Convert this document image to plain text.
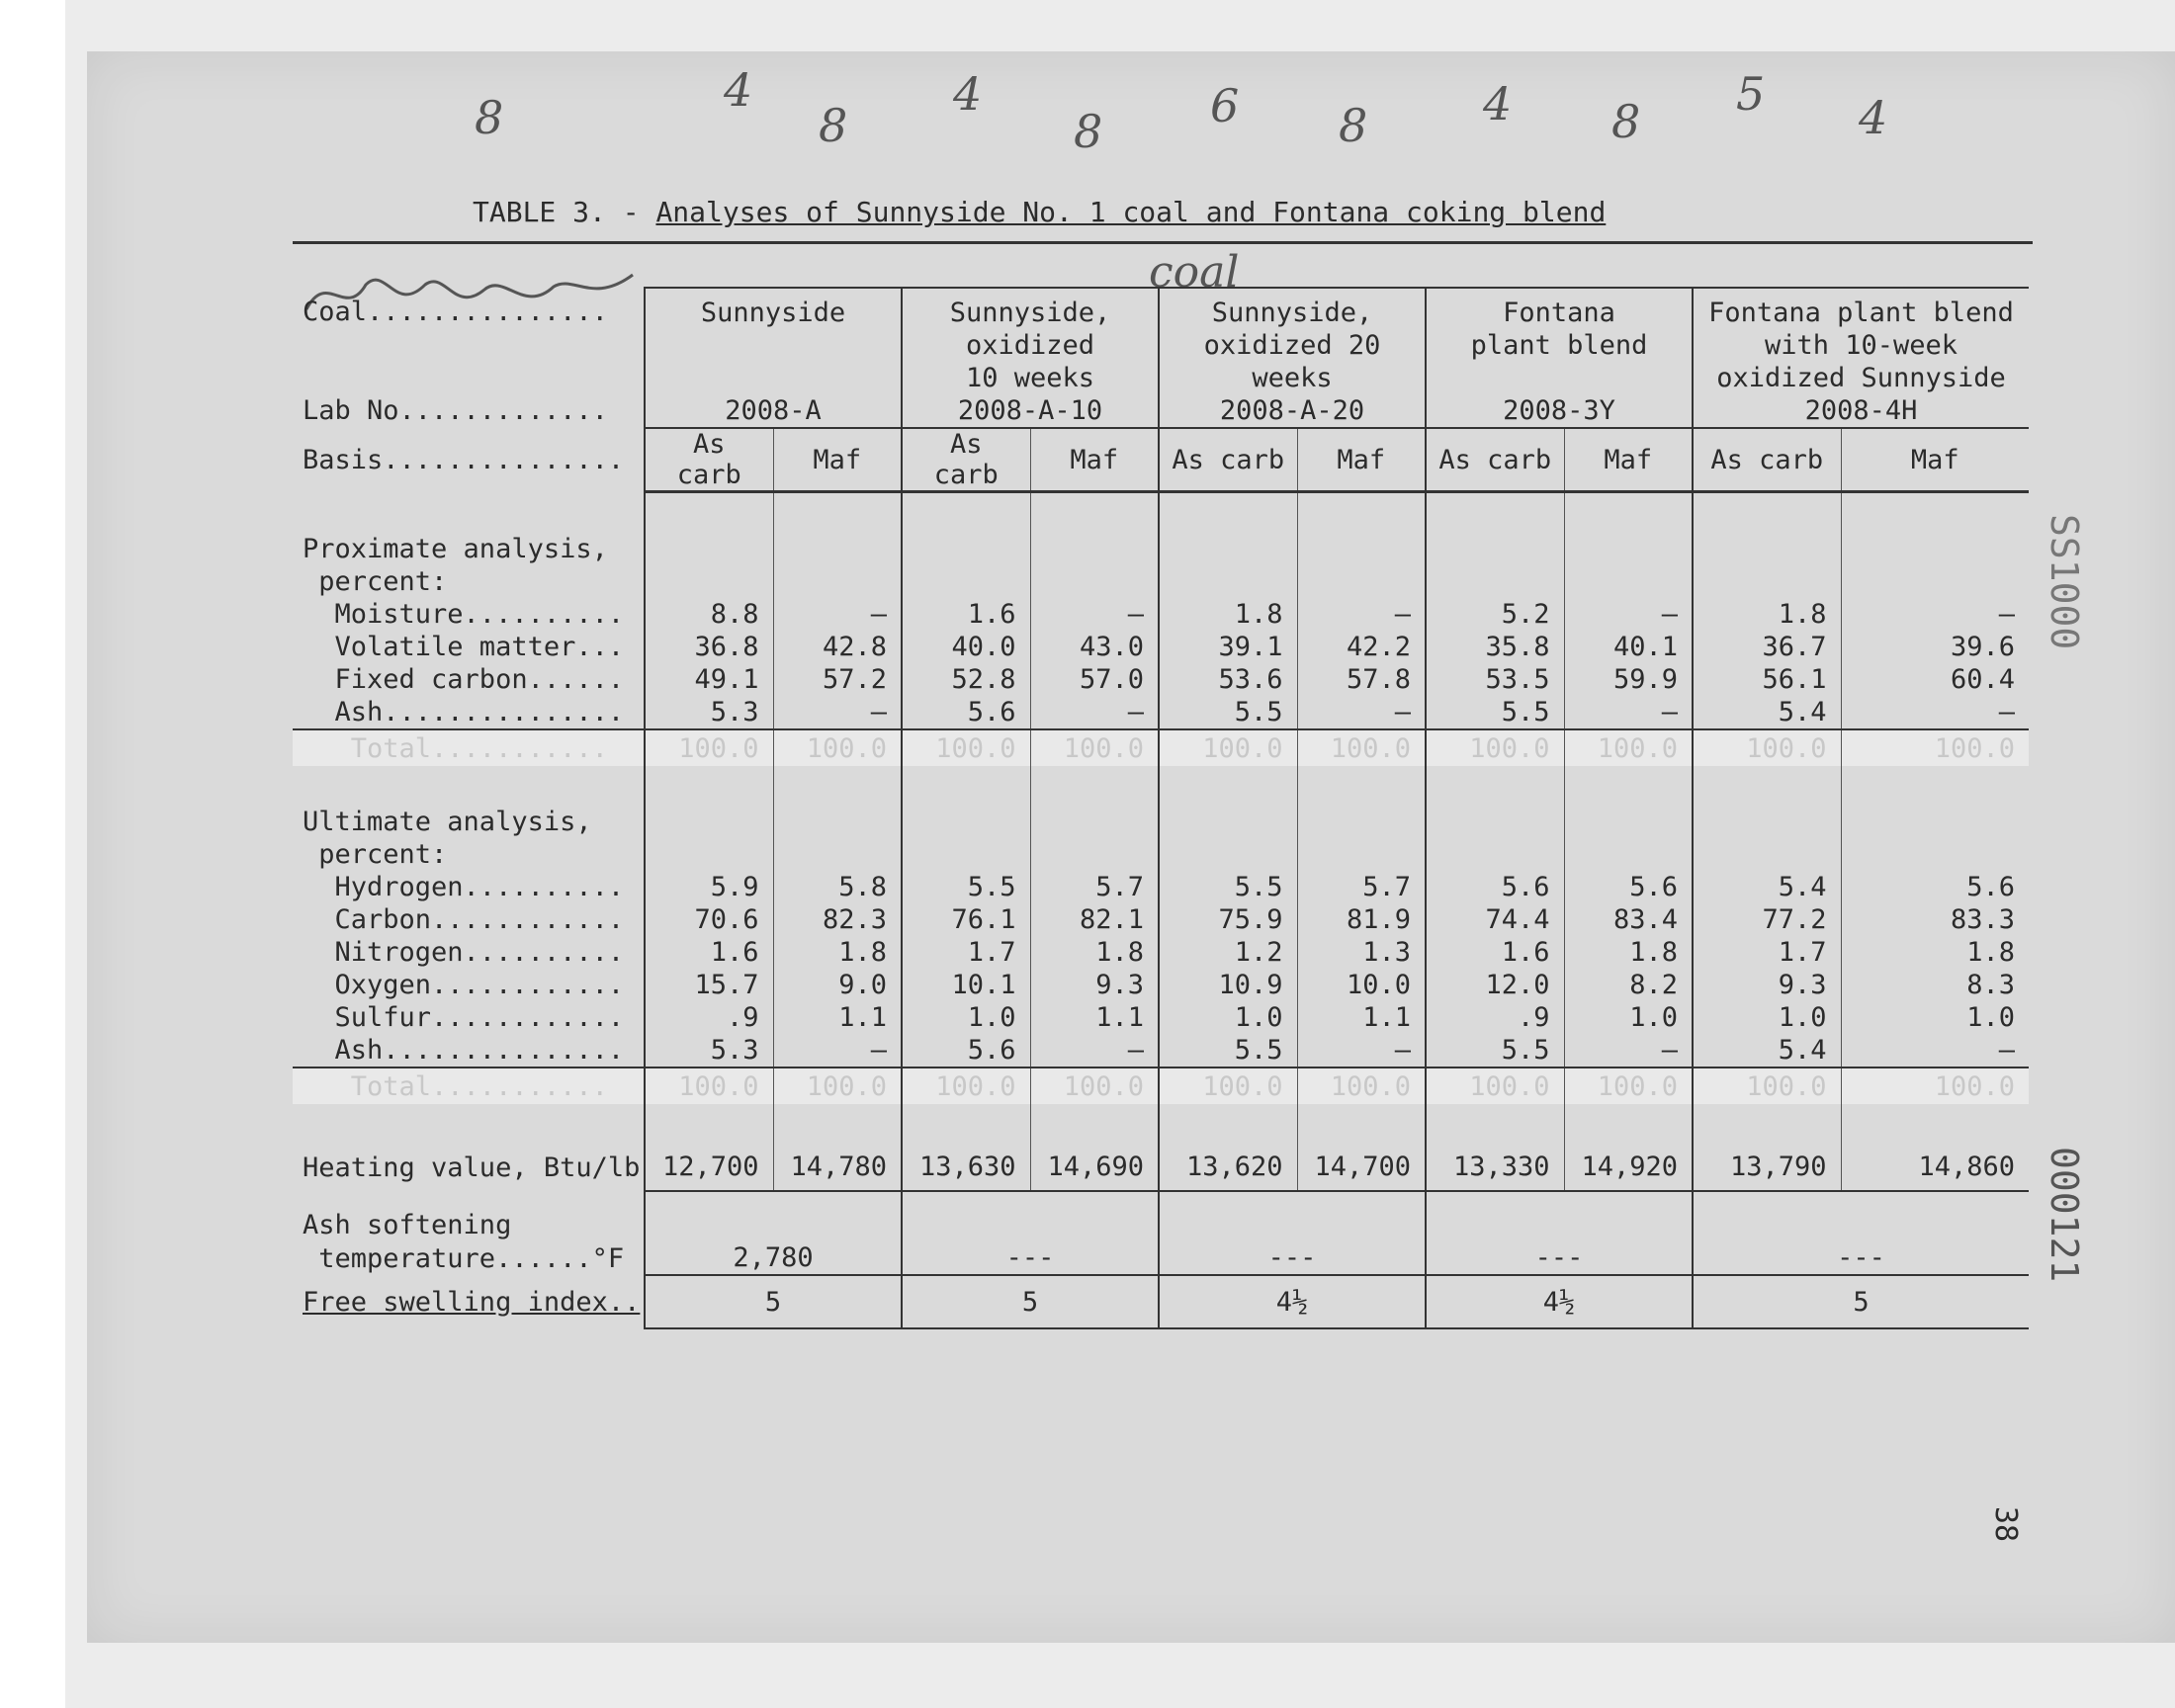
8
4
8
4
8 6 8	4 8
5 4
TABLE 3. - Analyses of Sunnyside No. 1 coal and Fontana coking blend
coal
Coal...............	Sunnyside		Sunnyside, oxidized 10 weeks		Sunnyside, oxidized 20 weeks		Fontana plant blend		Fontana plant blend with 10-week oxidized Sunnyside	
Lab No.............	2008-A		2008-A-10		2008-A-20		2008-3Y		2008-4H	
Basis...............	As carb	Maf	As carb	Maf	As carb	Maf	As carb	Maf	As carb	Maf

Proximate analysis,										
percent:										
Moisture..........	8.8	—	1.6	—	1.8	—	5.2	—	1.8	—
Volatile matter...	36.8	42.8	40.0	43.0	39.1	42.2	35.8	40.1	36.7	39.6
Fixed carbon......	49.1	57.2	52.8	57.0	53.6	57.8	53.5	59.9	56.1	60.4
Ash...............	5.3	—	5.6	—	5.5	—	5.5	—	5.4	—
Total...........	100.0	100.0	100.0	100.0	100.0	100.0	100.0	100.0	100.0	100.0

Ultimate analysis,										
percent:										
Hydrogen..........	5.9	5.8	5.5	5.7	5.5	5.7	5.6	5.6	5.4	5.6
Carbon............	70.6	82.3	76.1	82.1	75.9	81.9	74.4	83.4	77.2	83.3
Nitrogen..........	1.6	1.8	1.7	1.8	1.2	1.3	1.6	1.8	1.7	1.8
Oxygen............	15.7	9.0	10.1	9.3	10.9	10.0	12.0	8.2	9.3	8.3
Sulfur............	.9	1.1	1.0	1.1	1.0	1.1	.9	1.0	1.0	1.0
Ash...............	5.3	—	5.6	—	5.5	—	5.5	—	5.4	—
Total...........	100.0	100.0	100.0	100.0	100.0	100.0	100.0	100.0	100.0	100.0

Heating value, Btu/lb	12,700	14,780	13,630	14,690	13,620	14,700	13,330	14,920	13,790	14,860
Ash softening										
temperature......°F	2,780		---		---		---		---	
Free swelling index..	5		5		4½		4½		5	
SS1000
000121
38
